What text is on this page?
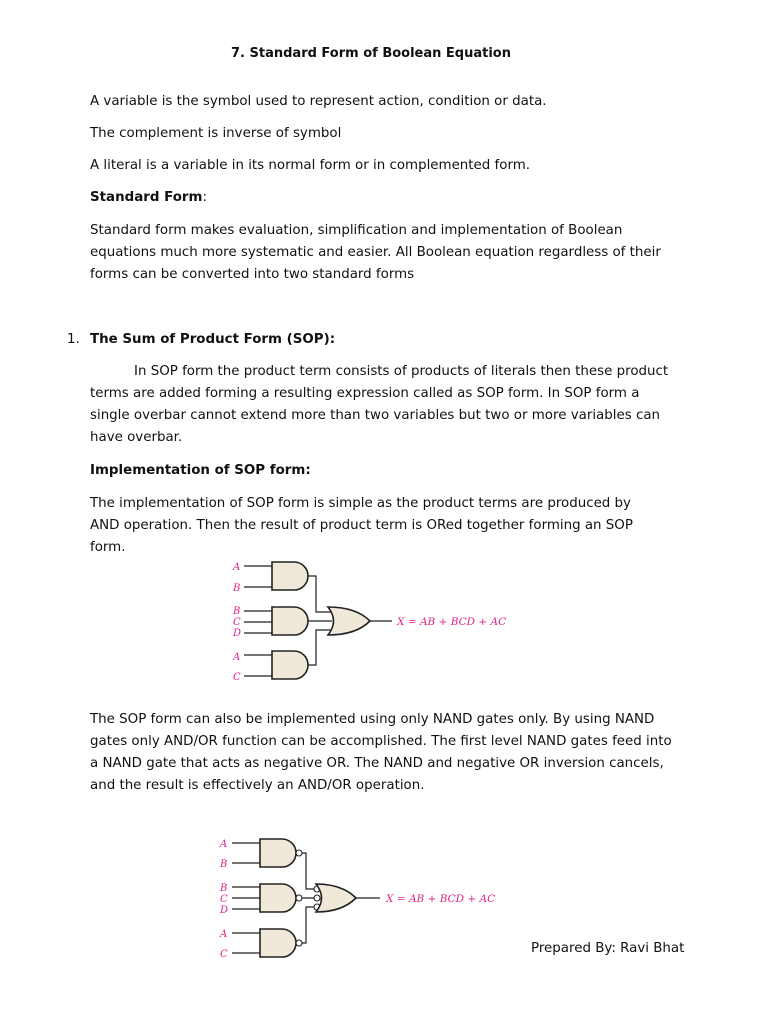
7. Standard Form of Boolean Equation

A variable is the symbol used to represent action, condition or data.

The complement is inverse of symbol

A literal is a variable in its normal form or in complemented form.

Standard Form:

Standard form makes evaluation, simplification and implementation of Boolean equations much more systematic and easier. All Boolean equation regardless of their forms can be converted into two standard forms

1. The Sum of Product Form (SOP):

In SOP form the product term consists of products of literals then these product terms are added forming a resulting expression called as SOP form. In SOP form a single overbar cannot extend more than two variables but two or more variables can have overbar.

Implementation of SOP form:

The implementation of SOP form is simple as the product terms are produced by AND operation. Then the result of product term is ORed together forming an SOP form.

A
B
B
C
D
A
C
X = AB + BCD + AC

The SOP form can also be implemented using only NAND gates only. By using NAND gates only AND/OR function can be accomplished. The first level NAND gates feed into a NAND gate that acts as negative OR. The NAND and negative OR inversion cancels, and the result is effectively an AND/OR operation.

A
B
B
C
D
A
C
X = AB + BCD + AC
Prepared By: Ravi Bhat
